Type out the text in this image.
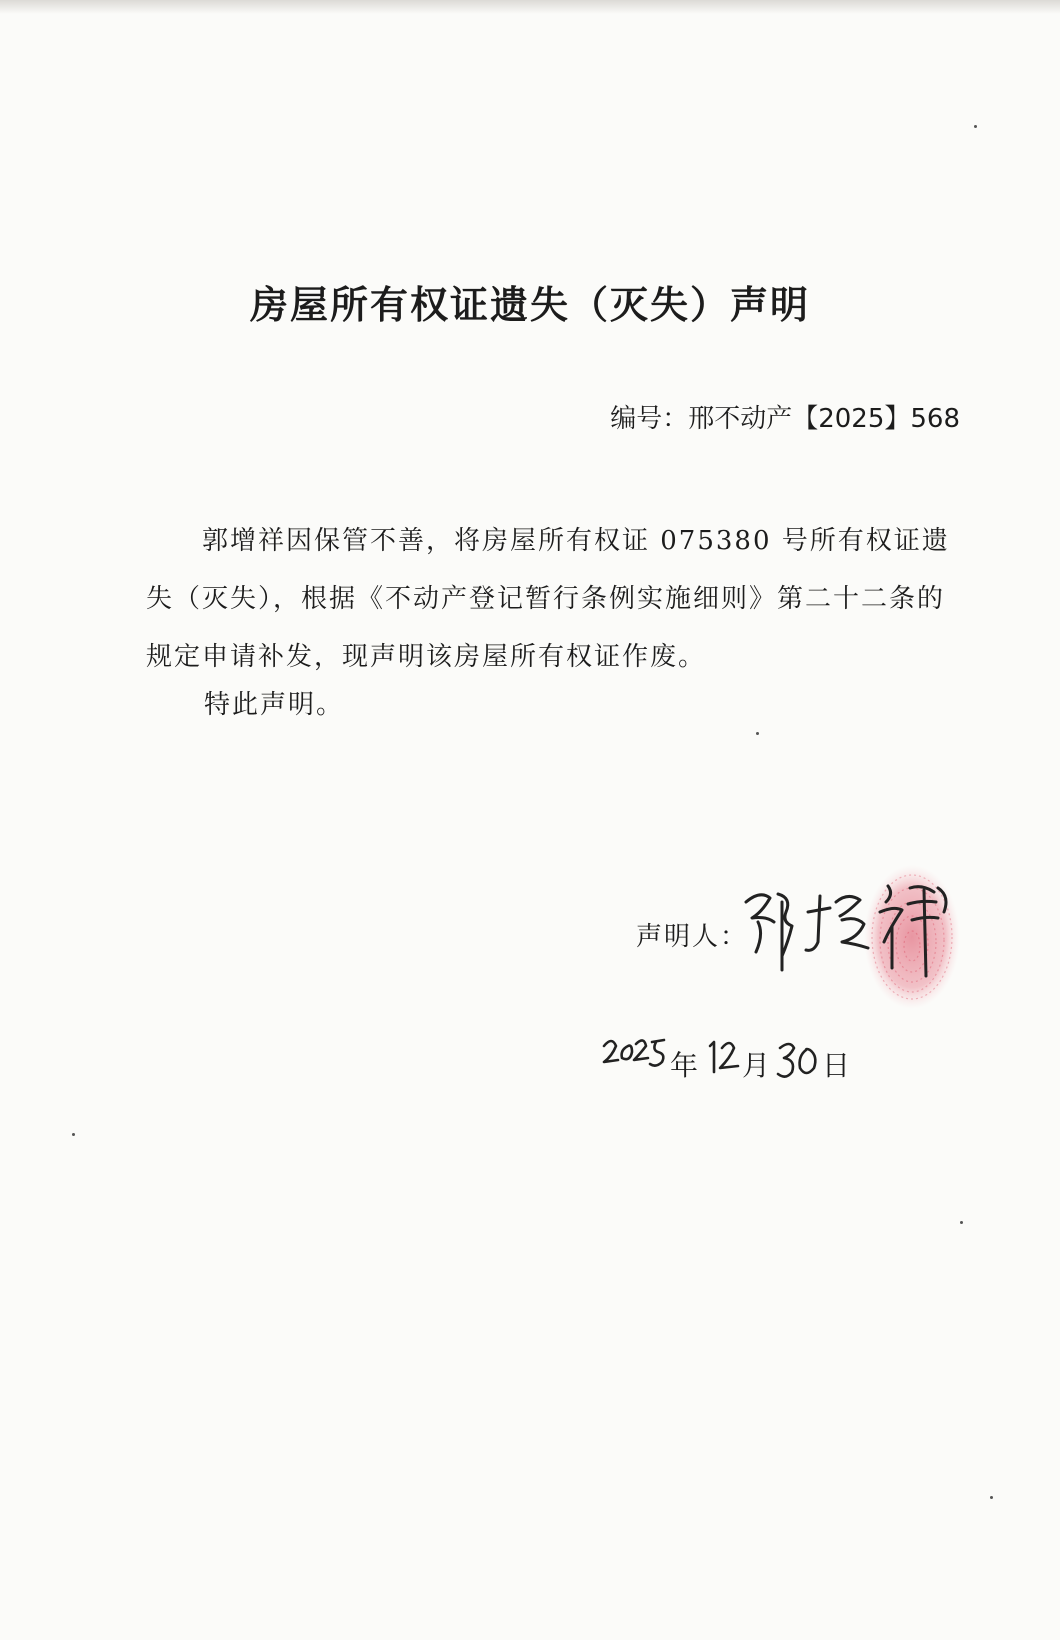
房屋所有权证遗失（灭失）声明
编号：邢不动产【2025】568

郭增祥因保管不善，将房屋所有权证 075380 号所有权证遗失（灭失），根据《不动产登记暂行条例实施细则》第二十二条的规定申请补发，现声明该房屋所有权证作废。

特此声明。

声明人：
年 月 日
